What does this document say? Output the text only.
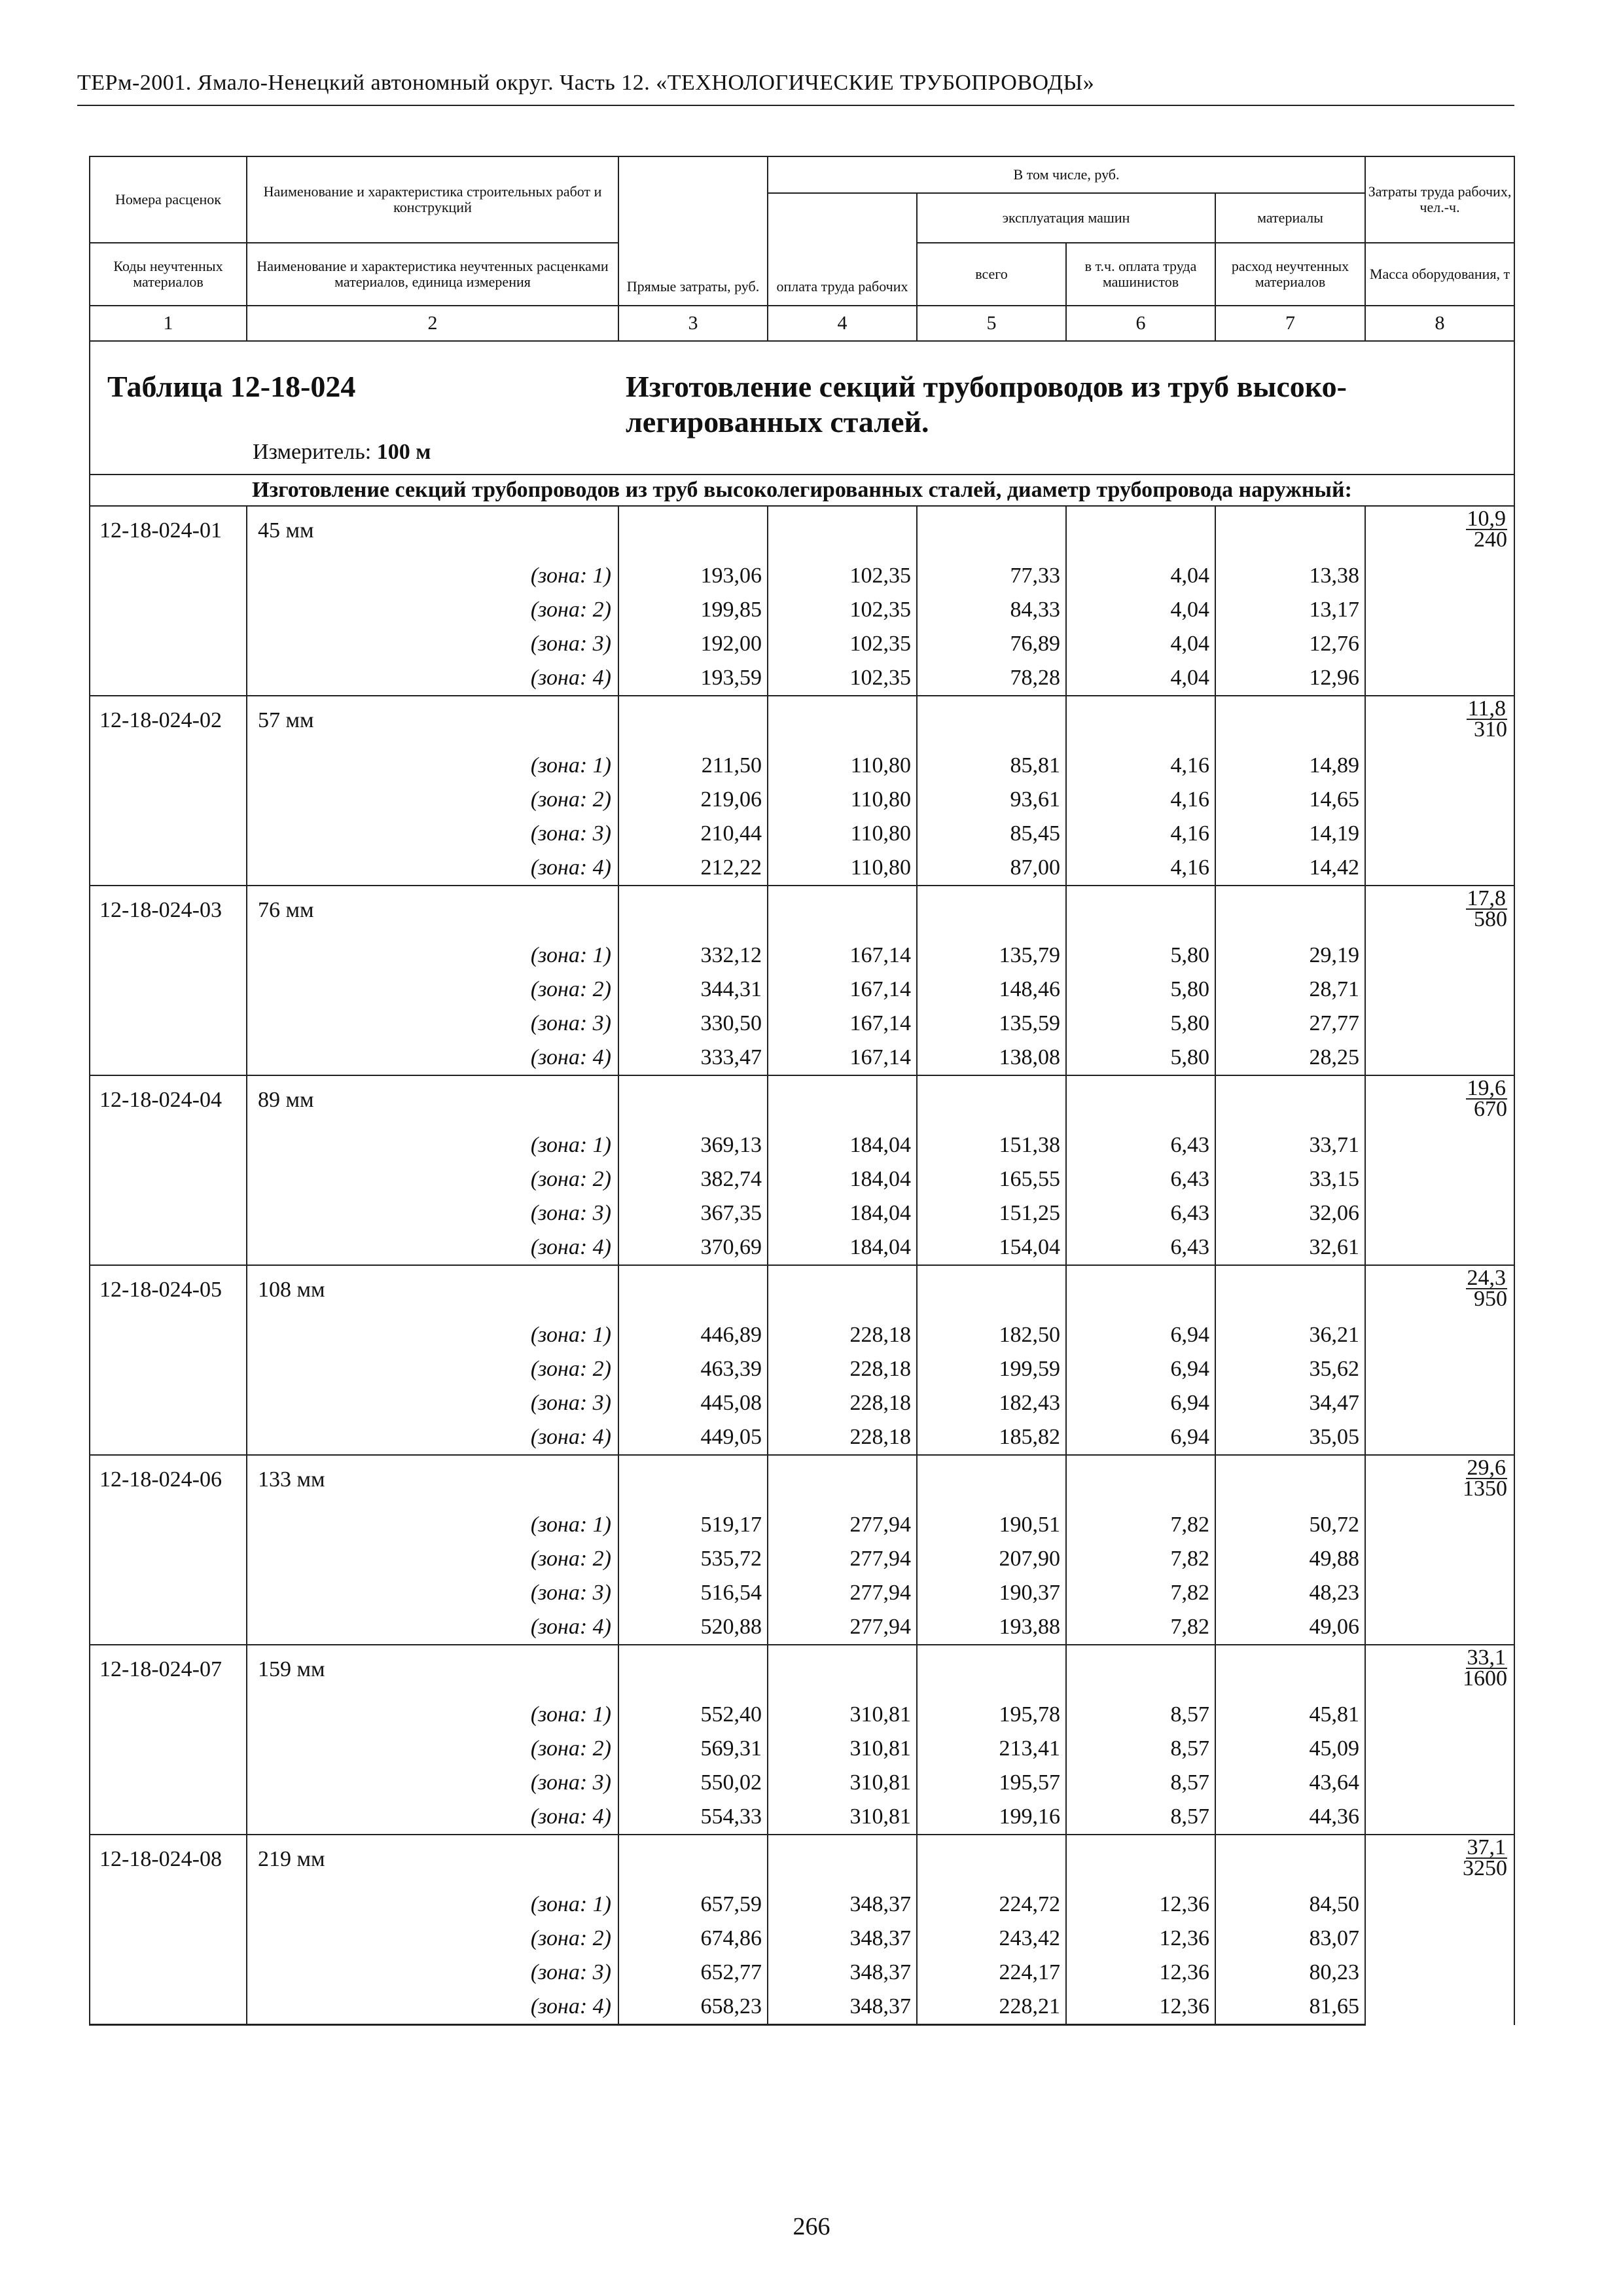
ТЕРм-2001. Ямало-Ненецкий автономный округ. Часть 12. «ТЕХНОЛОГИЧЕСКИЕ ТРУБОПРОВОДЫ»
Номера расценок	Наименование и характеристика строительных работ и конструкций	Прямые затраты, руб.	В том числе, руб.				Затраты труда рабочих, чел.-ч.
			оплата труда рабочих	эксплуатация машин		материалы	
Коды неучтенных материалов	Наименование и характеристика неучтенных расценками материалов, единица измерения			всего	в т.ч. оплата труда машинистов	расход неучтенных материалов	Масса оборудования, т
1	2	3	4	5	6	7	8

Таблица 12-18-024 Изготовление секций трубопроводов из труб высоко-
легированных сталей.
Измеритель: 100 м							

	Изготовление секций трубопроводов из труб высоколегированных сталей, диаметр трубопровода наружный:						
12-18-024-01	45 мм						10,9
240
	(зона: 1)	193,06	102,35	77,33	4,04	13,38	
	(зона: 2)	199,85	102,35	84,33	4,04	13,17	
	(зона: 3)	192,00	102,35	76,89	4,04	12,76	
	(зона: 4)	193,59	102,35	78,28	4,04	12,96	
12-18-024-02	57 мм						11,8
310
	(зона: 1)	211,50	110,80	85,81	4,16	14,89	
	(зона: 2)	219,06	110,80	93,61	4,16	14,65	
	(зона: 3)	210,44	110,80	85,45	4,16	14,19	
	(зона: 4)	212,22	110,80	87,00	4,16	14,42	
12-18-024-03	76 мм						17,8
580
	(зона: 1)	332,12	167,14	135,79	5,80	29,19	
	(зона: 2)	344,31	167,14	148,46	5,80	28,71	
	(зона: 3)	330,50	167,14	135,59	5,80	27,77	
	(зона: 4)	333,47	167,14	138,08	5,80	28,25	
12-18-024-04	89 мм						19,6
670
	(зона: 1)	369,13	184,04	151,38	6,43	33,71	
	(зона: 2)	382,74	184,04	165,55	6,43	33,15	
	(зона: 3)	367,35	184,04	151,25	6,43	32,06	
	(зона: 4)	370,69	184,04	154,04	6,43	32,61	
12-18-024-05	108 мм						24,3
950
	(зона: 1)	446,89	228,18	182,50	6,94	36,21	
	(зона: 2)	463,39	228,18	199,59	6,94	35,62	
	(зона: 3)	445,08	228,18	182,43	6,94	34,47	
	(зона: 4)	449,05	228,18	185,82	6,94	35,05	
12-18-024-06	133 мм						29,6
1350
	(зона: 1)	519,17	277,94	190,51	7,82	50,72	
	(зона: 2)	535,72	277,94	207,90	7,82	49,88	
	(зона: 3)	516,54	277,94	190,37	7,82	48,23	
	(зона: 4)	520,88	277,94	193,88	7,82	49,06	
12-18-024-07	159 мм						33,1
1600
	(зона: 1)	552,40	310,81	195,78	8,57	45,81	
	(зона: 2)	569,31	310,81	213,41	8,57	45,09	
	(зона: 3)	550,02	310,81	195,57	8,57	43,64	
	(зона: 4)	554,33	310,81	199,16	8,57	44,36	
12-18-024-08	219 мм						37,1
3250
	(зона: 1)	657,59	348,37	224,72	12,36	84,50	
	(зона: 2)	674,86	348,37	243,42	12,36	83,07	
	(зона: 3)	652,77	348,37	224,17	12,36	80,23	
	(зона: 4)	658,23	348,37	228,21	12,36	81,65	
266
